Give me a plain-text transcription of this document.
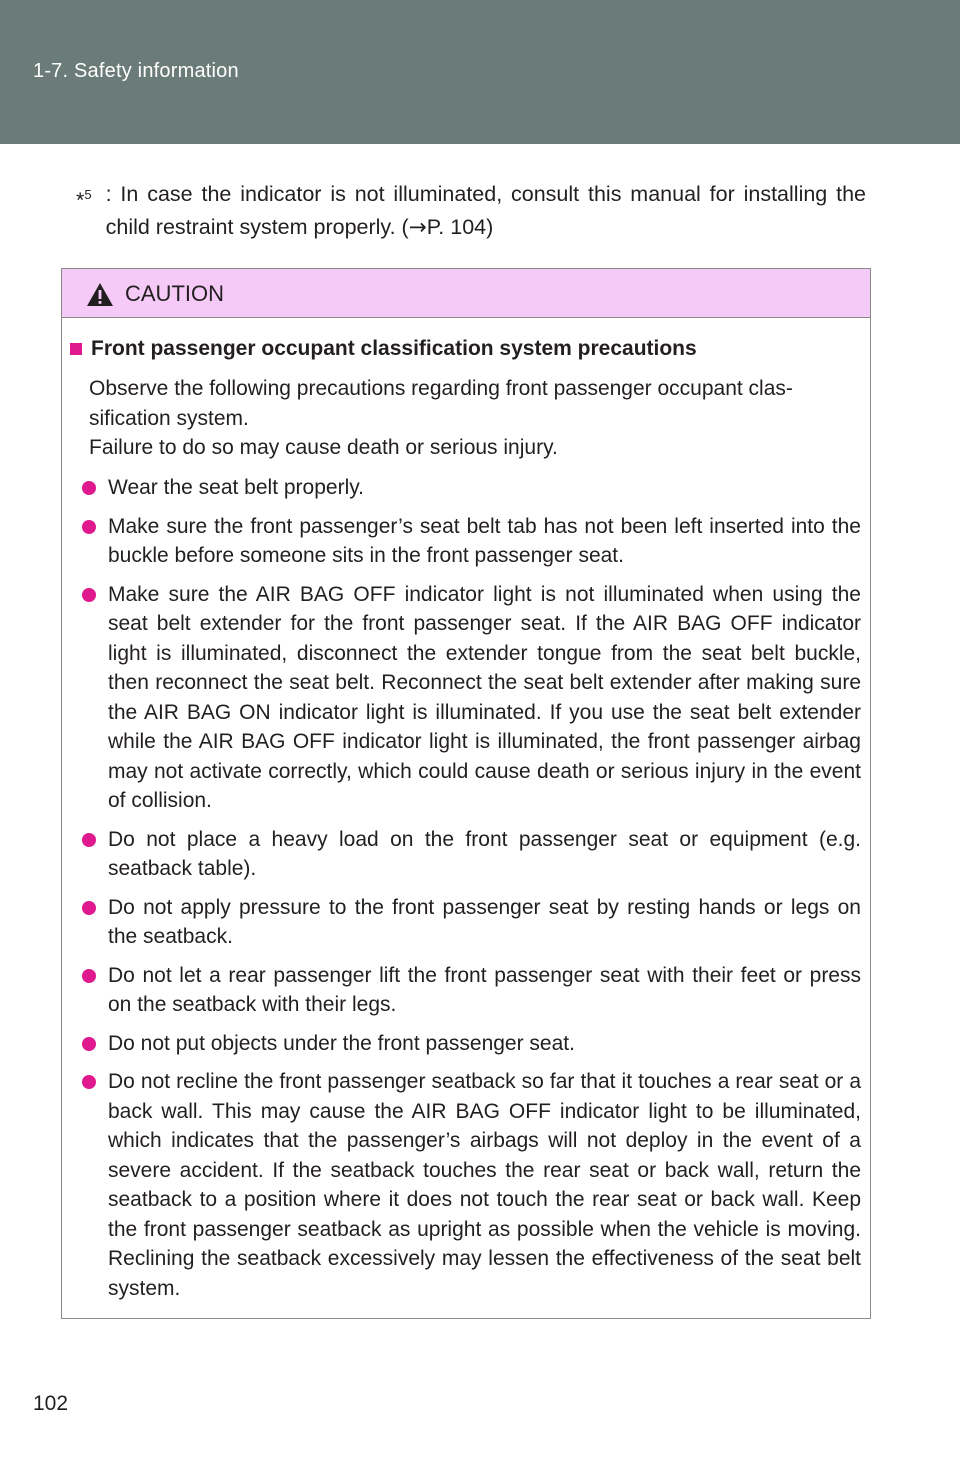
1-7. Safety information
*$^5$ : In case the indicator is not illuminated, consult this manual for installing the child restraint system properly. (→P. 104)
CAUTION
Front passenger occupant classification system precautions
Observe the following precautions regarding front passenger occupant clas-
sification system.
Failure to do so may cause death or serious injury.
Wear the seat belt properly.
Make sure the front passenger’s seat belt tab has not been left inserted into the buckle before someone sits in the front passenger seat.
Make sure the AIR BAG OFF indicator light is not illuminated when using the seat belt extender for the front passenger seat. If the AIR BAG OFF indicator light is illuminated, disconnect the extender tongue from the seat belt buckle, then reconnect the seat belt. Reconnect the seat belt extender after making sure the AIR BAG ON indicator light is illuminated. If you use the seat belt extender while the AIR BAG OFF indicator light is illuminated, the front passenger airbag may not activate correctly, which could cause death or serious injury in the event of collision.
Do not place a heavy load on the front passenger seat or equipment (e.g. seatback table).
Do not apply pressure to the front passenger seat by resting hands or legs on the seatback.
Do not let a rear passenger lift the front passenger seat with their feet or press on the seatback with their legs.
Do not put objects under the front passenger seat.
Do not recline the front passenger seatback so far that it touches a rear seat or a back wall. This may cause the AIR BAG OFF indicator light to be illuminated, which indicates that the passenger’s airbags will not deploy in the event of a severe accident. If the seatback touches the rear seat or back wall, return the seatback to a position where it does not touch the rear seat or back wall. Keep the front passenger seatback as upright as possible when the vehicle is moving. Reclining the seatback excessively may lessen the effectiveness of the seat belt system.
102
